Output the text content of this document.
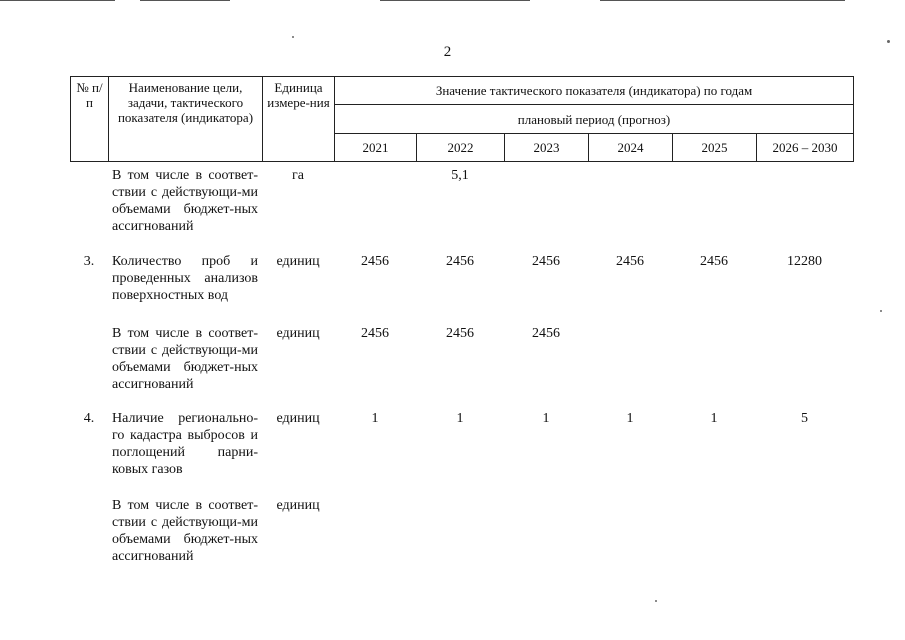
2
№ п/п	Наименование цели, задачи, тактического показателя (индикатора)	Единица измере-ния	Значение тактического показателя (индикатора) по годам					
			плановый период (прогноз)					
			2021	2022	2023	2024	2025	2026 – 2030
	В том числе в соответ-ствии с действующи-ми объемами бюджет-ных ассигнований	га		5,1				
3.	Количество проб и проведенных анализов поверхностных вод	единиц	2456	2456	2456	2456	2456	12280
	В том числе в соответ-ствии с действующи-ми объемами бюджет-ных ассигнований	единиц	2456	2456	2456			
4.	Наличие регионально-го кадастра выбросов и поглощений парни-ковых газов	единиц	1	1	1	1	1	5
	В том числе в соответ-ствии с действующи-ми объемами бюджет-ных ассигнований	единиц						
